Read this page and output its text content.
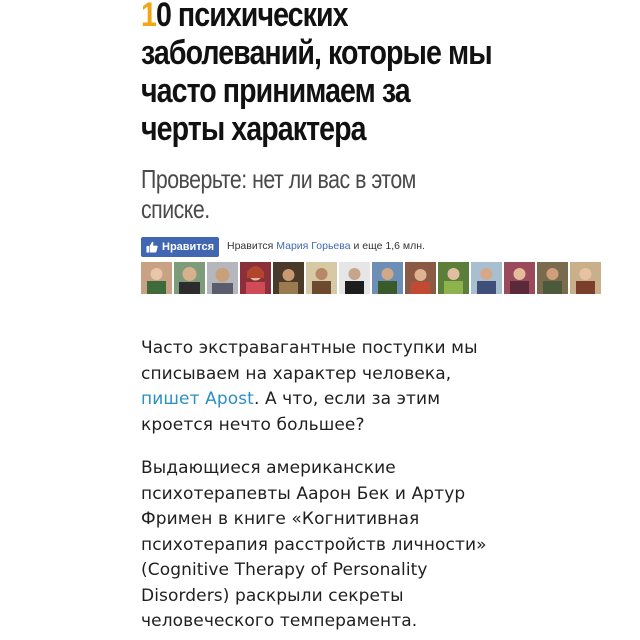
10 психических
заболеваний, которые мы
часто принимаем за
черты характера
Проверьте: нет ли вас в этом
списке.
Нравится Нравится Мария Горьева и еще 1,6 млн.
Часто экстравагантные поступки мы
списываем на характер человека,
пишет Apost. А что, если за этим
кроется нечто большее?
Выдающиеся американские
психотерапевты Аарон Бек и Артур
Фримен в книге «Когнитивная
психотерапия расстройств личности»
(Cognitive Therapy of Personality
Disorders) раскрыли секреты
человеческого темперамента.
